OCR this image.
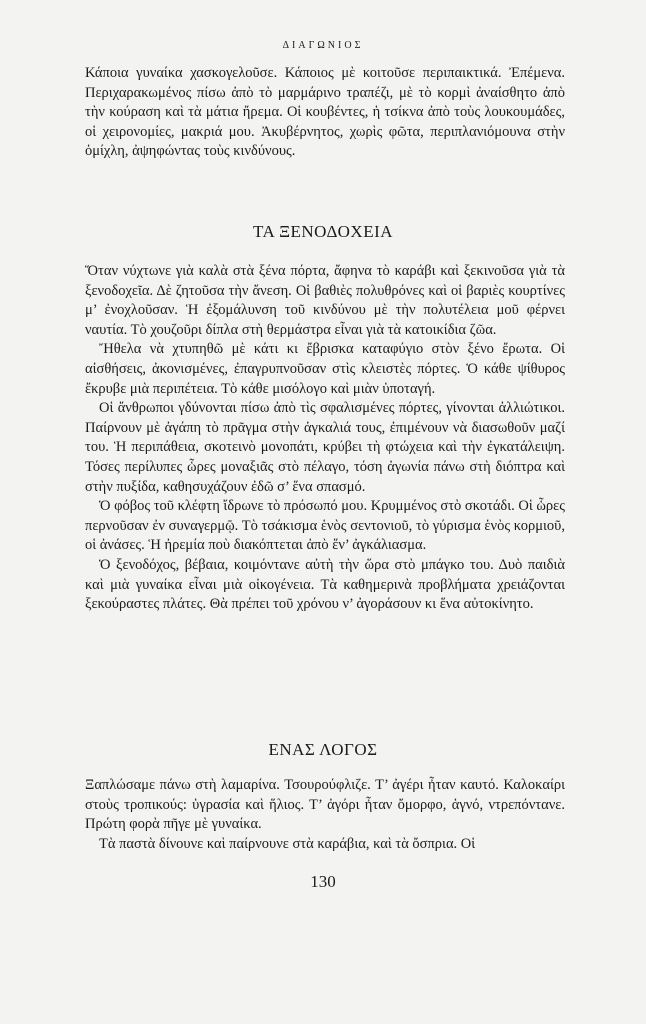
ΔΙΑΓΩΝΙΟΣ

Κάποια γυναίκα χασκογελοῦσε. Κάποιος μὲ κοιτοῦσε περιπαικτικά. Ἐπέμενα. Περιχαρακωμένος πίσω ἀπὸ τὸ μαρμάρινο τραπέζι, μὲ τὸ κορμὶ ἀναίσθητο ἀπὸ τὴν κούραση καὶ τὰ μάτια ἤρεμα. Οἱ κουβέντες, ἡ τσίκνα ἀπὸ τοὺς λουκουμάδες, οἱ χειρονομίες, μακριά μου. Ἀκυβέρνητος, χωρὶς φῶτα, περιπλανιόμουνα στὴν ὁμίχλη, ἀψηφώντας τοὺς κινδύνους.

ΤΑ ΞΕΝΟΔΟΧΕΙΑ

Ὅταν νύχτωνε γιὰ καλὰ στὰ ξένα πόρτα, ἄφηνα τὸ καράβι καὶ ξεκινοῦσα γιὰ τὰ ξενοδοχεῖα. Δὲ ζητοῦσα τὴν ἄνεση. Οἱ βαθιὲς πολυθρόνες καὶ οἱ βαριὲς κουρτίνες μ’ ἐνοχλοῦσαν. Ἡ ἐξομάλυνση τοῦ κινδύνου μὲ τὴν πολυτέλεια μοῦ φέρνει ναυτία. Τὸ χουζοῦρι δίπλα στὴ θερμάστρα εἶναι γιὰ τὰ κατοικίδια ζῶα.

Ἤθελα νὰ χτυπηθῶ μὲ κάτι κι ἔβρισκα καταφύγιο στὸν ξένο ἔρωτα. Οἱ αἰσθήσεις, ἀκονισμένες, ἐπαγρυπνοῦσαν στὶς κλειστὲς πόρτες. Ὁ κάθε ψίθυρος ἔκρυβε μιὰ περιπέτεια. Τὸ κάθε μισόλογο καὶ μιὰν ὑποταγή.

Οἱ ἄνθρωποι γδύνονται πίσω ἀπὸ τὶς σφαλισμένες πόρτες, γίνονται ἀλλιώτικοι. Παίρνουν μὲ ἀγάπη τὸ πρᾶγμα στὴν ἀγκαλιά τους, ἐπιμένουν νὰ διασωθοῦν μαζί του. Ἡ περιπάθεια, σκοτεινὸ μονοπάτι, κρύβει τὴ φτώχεια καὶ τὴν ἐγκατάλειψη. Τόσες περίλυπες ὧρες μοναξιᾶς στὸ πέλαγο, τόση ἀγωνία πάνω στὴ διόπτρα καὶ στὴν πυξίδα, καθησυχάζουν ἐδῶ σ’ ἕνα σπασμό.

Ὁ φόβος τοῦ κλέφτη ἴδρωνε τὸ πρόσωπό μου. Κρυμμένος στὸ σκοτάδι. Οἱ ὧρες περνοῦσαν ἐν συναγερμῷ. Τὸ τσάκισμα ἑνὸς σεντονιοῦ, τὸ γύρισμα ἑνὸς κορμιοῦ, οἱ ἀνάσες. Ἡ ἠρεμία ποὺ διακόπτεται ἀπὸ ἕν’ ἀγκάλιασμα.

Ὁ ξενοδόχος, βέβαια, κοιμόντανε αὐτὴ τὴν ὥρα στὸ μπάγκο του. Δυὸ παιδιὰ καὶ μιὰ γυναίκα εἶναι μιὰ οἰκογένεια. Τὰ καθημερινὰ προβλήματα χρειάζονται ξεκούραστες πλάτες. Θὰ πρέπει τοῦ χρόνου ν’ ἀγοράσουν κι ἕνα αὐτοκίνητο.

ΕΝΑΣ ΛΟΓΟΣ

Ξαπλώσαμε πάνω στὴ λαμαρίνα. Τσουρούφλιζε. Τ’ ἀγέρι ἦταν καυτό. Καλοκαίρι στοὺς τροπικούς: ὑγρασία καὶ ἥλιος. Τ’ ἀγόρι ἦταν ὄμορφο, ἁγνό, ντρεπόντανε. Πρώτη φορὰ πῆγε μὲ γυναίκα.

Τὰ παστὰ δίνουνε καὶ παίρνουνε στὰ καράβια, καὶ τὰ ὄσπρια. Οἱ

130
